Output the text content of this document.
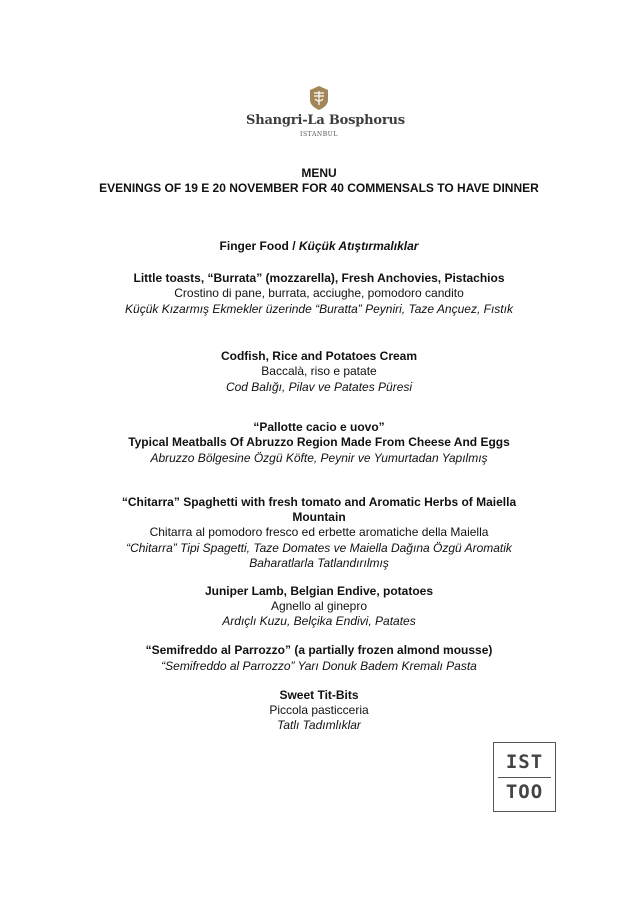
Shangri-La Bosphorus
ISTANBUL
MENU
EVENINGS OF 19 E 20 NOVEMBER FOR 40 COMMENSALS TO HAVE DINNER
Finger Food / Küçük Atıştırmalıklar
Little toasts, “Burrata” (mozzarella), Fresh Anchovies, Pistachios
Crostino di pane, burrata, acciughe, pomodoro candito
Küçük Kızarmış Ekmekler üzerinde “Buratta” Peyniri, Taze Ançuez, Fıstık
Codfish, Rice and Potatoes Cream
Baccalà, riso e patate
Cod Balığı, Pilav ve Patates Püresi
“Pallotte cacio e uovo”
Typical Meatballs Of Abruzzo Region Made From Cheese And Eggs
Abruzzo Bölgesine Özgü Köfte, Peynir ve Yumurtadan Yapılmış
“Chitarra” Spaghetti with fresh tomato and Aromatic Herbs of Maiella
Mountain
Chitarra al pomodoro fresco ed erbette aromatiche della Maiella
“Chitarra” Tipi Spagetti, Taze Domates ve Maiella Dağına Özgü Aromatik
Baharatlarla Tatlandırılmış
Juniper Lamb, Belgian Endive, potatoes
Agnello al ginepro
Ardıçlı Kuzu, Belçika Endivi, Patates
“Semifreddo al Parrozzo” (a partially frozen almond mousse)
“Semifreddo al Parrozzo” Yarı Donuk Badem Kremalı Pasta
Sweet Tit-Bits
Piccola pasticceria
Tatlı Tadımlıklar
IST
TOO
